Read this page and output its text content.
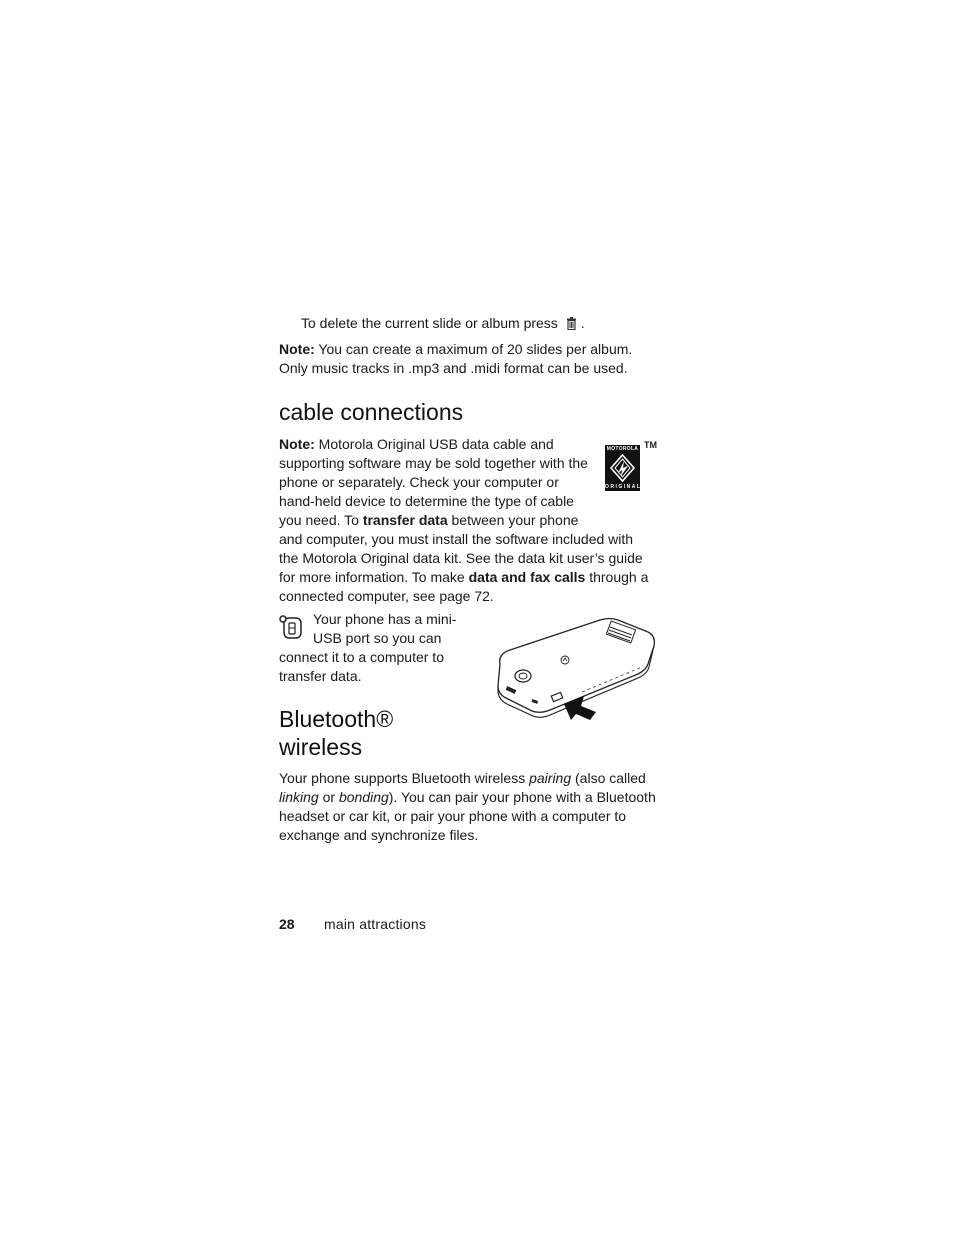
To delete the current slide or album press .

Note: You can create a maximum of 20 slides per album. Only music tracks in .mp3 and .midi format can be used.

cable connections
MOTOROLA
ORIGINAL
TM
Note: Motorola Original USB data cable and supporting software may be sold together with the phone or separately. Check your computer or hand-held device to determine the type of cable you need. To transfer data between your phone and computer, you must install the software included with the Motorola Original data kit. See the data kit user’s guide for more information. To make data and fax calls through a connected computer, see page 72.
Your phone has a mini-USB port so you can connect it to a computer to transfer data.
Bluetooth®
wireless

Your phone supports Bluetooth wireless pairing (also called linking or bonding). You can pair your phone with a Bluetooth headset or car kit, or pair your phone with a computer to exchange and synchronize files.

28 main attractions
